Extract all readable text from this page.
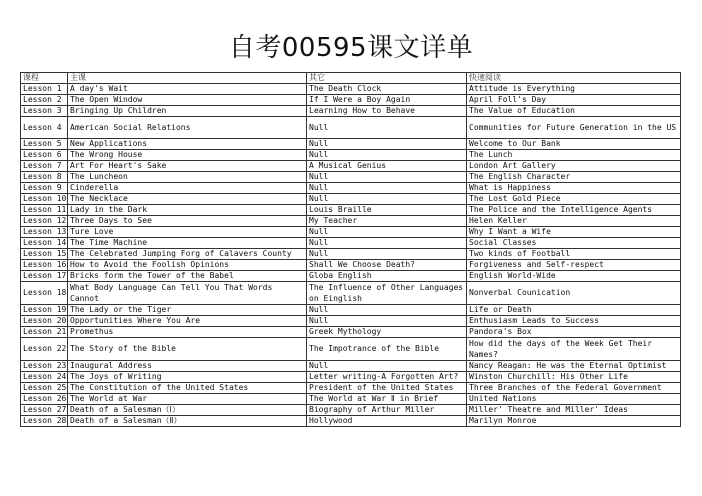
自考00595课文详单
课程	主课	其它	快速阅读
Lesson 1	A day's Wait	The Death Clock	Attitude is Everything
Lesson 2	The Open Window	If I Were a Boy Again	April Foll's Day
Lesson 3	Bringing Up Children	Learning How to Behave	The Value of Education
Lesson 4	American Social Relations	Null	Communities for Future Generation in the US
Lesson 5	New Applications	Null	Welcome to Our Bank
Lesson 6	The Wrong House	Null	The Lunch
Lesson 7	Art For Heart's Sake	A Musical Genius	London Art Gallery
Lesson 8	The Luncheon	Null	The English Character
Lesson 9	Cinderella	Null	What is Happiness
Lesson 10	The Necklace	Null	The Lost Gold Piece
Lesson 11	Lady in the Dark	Louis Braille	The Police and the Intelligence Agents
Lesson 12	Three Days to See	My Teacher	Helen Keller
Lesson 13	Ture Love	Null	Why I Want a Wife
Lesson 14	The Time Machine	Null	Social Classes
Lesson 15	The Celebrated Jumping Forg of Calavers County	Null	Two kinds of Football
Lesson 16	How to Avoid the Foolish Opinions	Shall We Choose Death?	Forgiveness and Self-respect
Lesson 17	Bricks form the Tower of the Babel	Globa English	English World-Wide
Lesson 18	What Body Language Can Tell You That Words Cannot	The Influence of Other Languages on Einglish	Nonverbal Counication
Lesson 19	The Lady or the Tiger	Null	Life or Death
Lesson 20	Opportunities Where You Are	Null	Enthusiasm Leads to Success
Lesson 21	Promethus	Greek Mythology	Pandora's Box
Lesson 22	The Story of the Bible	The Impotrance of the Bible	How did the days of the Week Get Their Names?
Lesson 23	Inaugural Address	Null	Nancy Reagan: He was the Eternal Optimist
Lesson 24	The Joys of Writing	Letter writing-A Forgotten Art?	Winston Churchill: His Other Life
Lesson 25	The Constitution of the United States	President of the United States	Three Branches of the Federal Government
Lesson 26	The World at War	The World at War Ⅱ in Brief	United Nations
Lesson 27	Death of a Salesman（Ⅰ）	Biography of Arthur Miller	Miller' Theatre and Miller' Ideas
Lesson 28	Death of a Salesman（Ⅱ）	Hollywood	Marilyn Monroe
